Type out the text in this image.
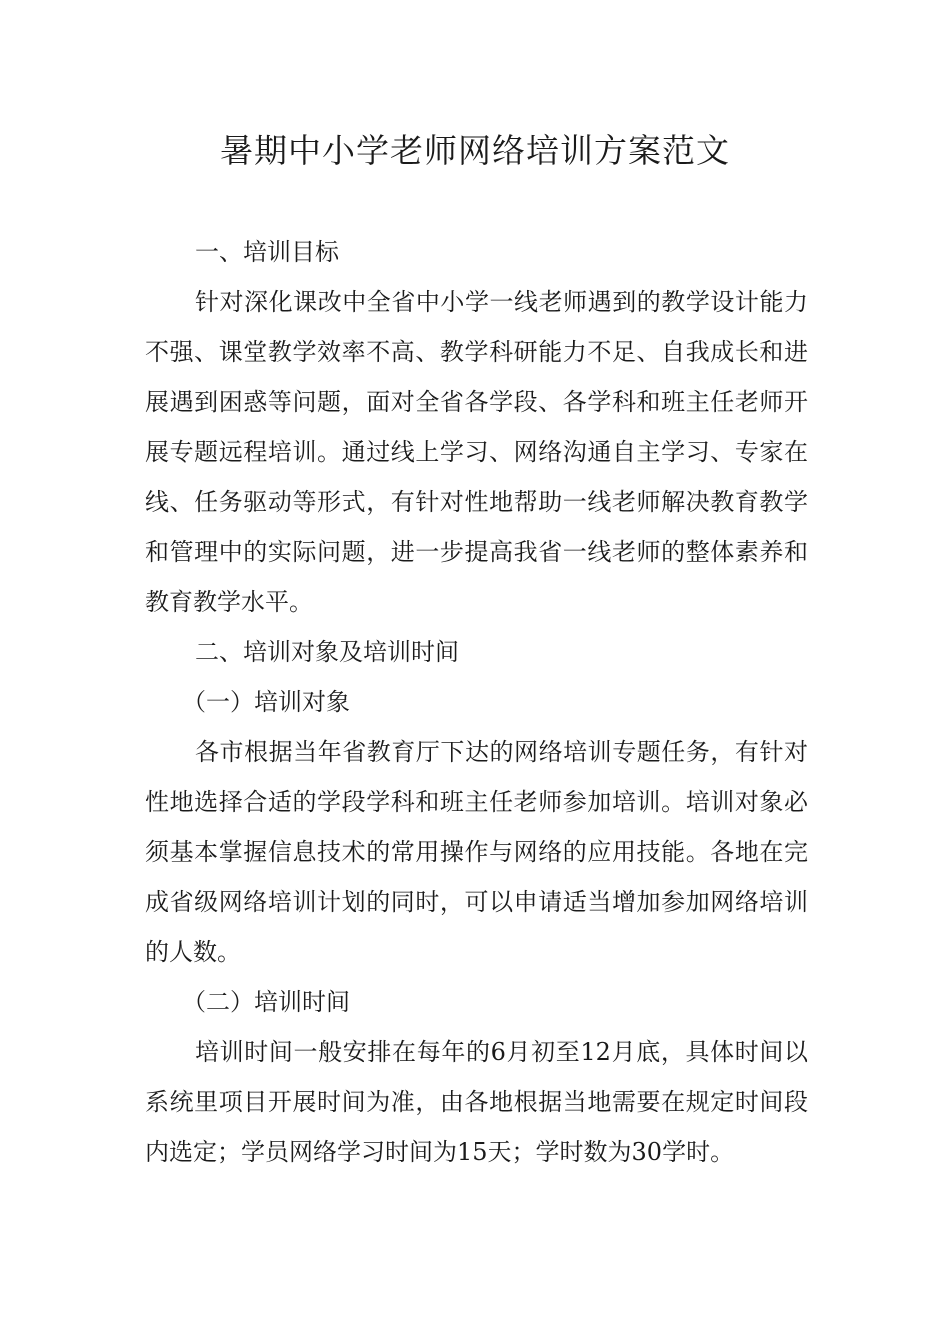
暑期中小学老师网络培训方案范文

一、培训目标

针对深化课改中全省中小学一线老师遇到的教学设计能力不强、课堂教学效率不高、教学科研能力不足、自我成长和进展遇到困惑等问题，面对全省各学段、各学科和班主任老师开展专题远程培训。通过线上学习、网络沟通自主学习、专家在线、任务驱动等形式，有针对性地帮助一线老师解决教育教学和管理中的实际问题，进一步提高我省一线老师的整体素养和教育教学水平。

二、培训对象及培训时间

（一）培训对象

各市根据当年省教育厅下达的网络培训专题任务，有针对性地选择合适的学段学科和班主任老师参加培训。培训对象必须基本掌握信息技术的常用操作与网络的应用技能。各地在完成省级网络培训计划的同时，可以申请适当增加参加网络培训的人数。

（二）培训时间

培训时间一般安排在每年的6月初至12月底，具体时间以系统里项目开展时间为准，由各地根据当地需要在规定时间段内选定；学员网络学习时间为15天；学时数为30学时。
